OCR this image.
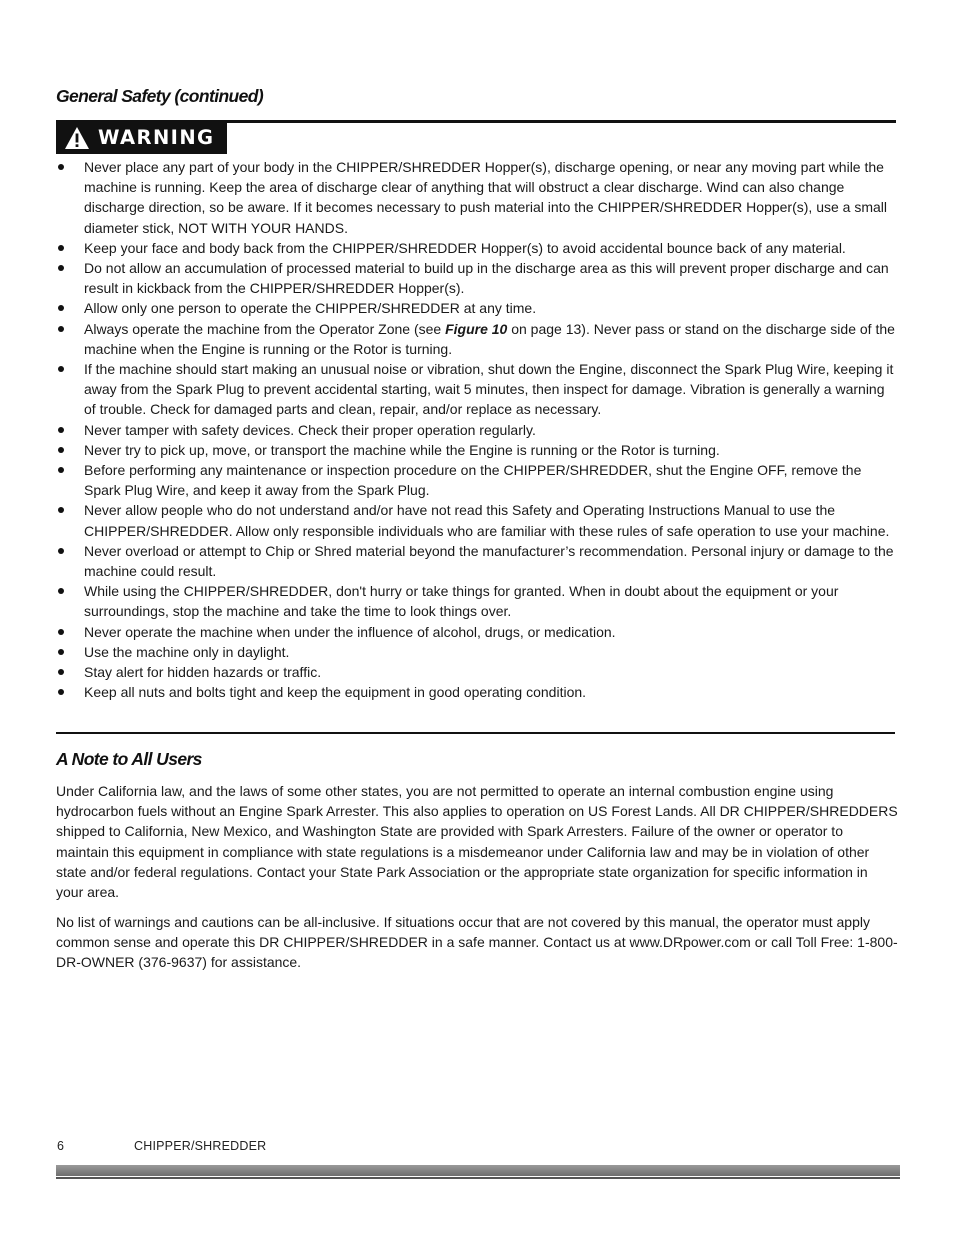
General Safety (continued)
WARNING
Never place any part of your body in the CHIPPER/SHREDDER Hopper(s), discharge opening, or near any moving part while the machine is running. Keep the area of discharge clear of anything that will obstruct a clear discharge. Wind can also change discharge direction, so be aware. If it becomes necessary to push material into the CHIPPER/SHREDDER Hopper(s), use a small diameter stick, NOT WITH YOUR HANDS.
Keep your face and body back from the CHIPPER/SHREDDER Hopper(s) to avoid accidental bounce back of any material.
Do not allow an accumulation of processed material to build up in the discharge area as this will prevent proper discharge and can result in kickback from the CHIPPER/SHREDDER Hopper(s).
Allow only one person to operate the CHIPPER/SHREDDER at any time.
Always operate the machine from the Operator Zone (see Figure 10 on page 13). Never pass or stand on the discharge side of the machine when the Engine is running or the Rotor is turning.
If the machine should start making an unusual noise or vibration, shut down the Engine, disconnect the Spark Plug Wire, keeping it away from the Spark Plug to prevent accidental starting, wait 5 minutes, then inspect for damage. Vibration is generally a warning of trouble. Check for damaged parts and clean, repair, and/or replace as necessary.
Never tamper with safety devices. Check their proper operation regularly.
Never try to pick up, move, or transport the machine while the Engine is running or the Rotor is turning.
Before performing any maintenance or inspection procedure on the CHIPPER/SHREDDER, shut the Engine OFF, remove the Spark Plug Wire, and keep it away from the Spark Plug.
Never allow people who do not understand and/or have not read this Safety and Operating Instructions Manual to use the CHIPPER/SHREDDER. Allow only responsible individuals who are familiar with these rules of safe operation to use your machine.
Never overload or attempt to Chip or Shred material beyond the manufacturer’s recommendation. Personal injury or damage to the machine could result.
While using the CHIPPER/SHREDDER, don't hurry or take things for granted. When in doubt about the equipment or your surroundings, stop the machine and take the time to look things over.
Never operate the machine when under the influence of alcohol, drugs, or medication.
Use the machine only in daylight.
Stay alert for hidden hazards or traffic.
Keep all nuts and bolts tight and keep the equipment in good operating condition.
A Note to All Users

Under California law, and the laws of some other states, you are not permitted to operate an internal combustion engine using hydrocarbon fuels without an Engine Spark Arrester. This also applies to operation on US Forest Lands. All DR CHIPPER/SHREDDERS shipped to California, New Mexico, and Washington State are provided with Spark Arresters. Failure of the owner or operator to maintain this equipment in compliance with state regulations is a misdemeanor under California law and may be in violation of other state and/or federal regulations. Contact your State Park Association or the appropriate state organization for specific information in your area.

No list of warnings and cautions can be all-inclusive. If situations occur that are not covered by this manual, the operator must apply common sense and operate this DR CHIPPER/SHREDDER in a safe manner. Contact us at www.DRpower.com or call Toll Free: 1-800-DR-OWNER (376-9637) for assistance.

6	CHIPPER/SHREDDER
